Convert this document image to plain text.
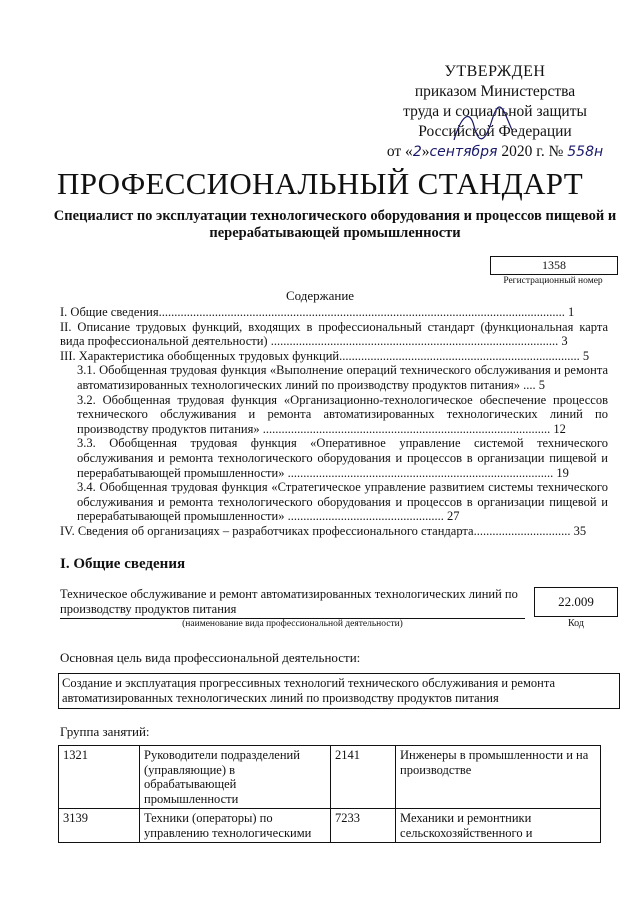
УТВЕРЖДЕН
приказом Министерства
труда и социальной защиты
Российской Федерации
от «2»сентября 2020 г. № 558н
ПРОФЕССИОНАЛЬНЫЙ СТАНДАРТ
Специалист по эксплуатации технологического оборудования и процессов пищевой и перерабатывающей промышленности
1358
Регистрационный номер
Содержание

I. Общие сведения.................................................................................................................................. 1

II. Описание трудовых функций, входящих в профессиональный стандарт (функциональная карта вида профессиональной деятельности) ............................................................................................ 3

III. Характеристика обобщенных трудовых функций............................................................................. 5

3.1. Обобщенная трудовая функция «Выполнение операций технического обслуживания и ремонта автоматизированных технологических линий по производству продуктов питания» .... 5

3.2. Обобщенная трудовая функция «Организационно-технологическое обеспечение процессов технического обслуживания и ремонта автоматизированных технологических линий по производству продуктов питания» ............................................................................................ 12

3.3. Обобщенная трудовая функция «Оперативное управление системой технического обслуживания и ремонта технологического оборудования и процессов в организации пищевой и перерабатывающей промышленности» ..................................................................................... 19

3.4. Обобщенная трудовая функция «Стратегическое управление развитием системы технического обслуживания и ремонта технологического оборудования и процессов в организации пищевой и перерабатывающей промышленности» .................................................. 27

IV. Сведения об организациях – разработчиках профессионального стандарта............................... 35

I. Общие сведения
Техническое обслуживание и ремонт автоматизированных технологических линий по производству продуктов питания
(наименование вида профессиональной деятельности)
22.009
Код
Основная цель вида профессиональной деятельности:
Создание и эксплуатация прогрессивных технологий технического обслуживания и ремонта автоматизированных технологических линий по производству продуктов питания
Группа занятий:
1321	Руководители подразделений (управляющие) в обрабатывающей промышленности	2141	Инженеры в промышленности и на производстве
3139	Техники (операторы) по управлению технологическими	7233	Механики и ремонтники сельскохозяйственного и
